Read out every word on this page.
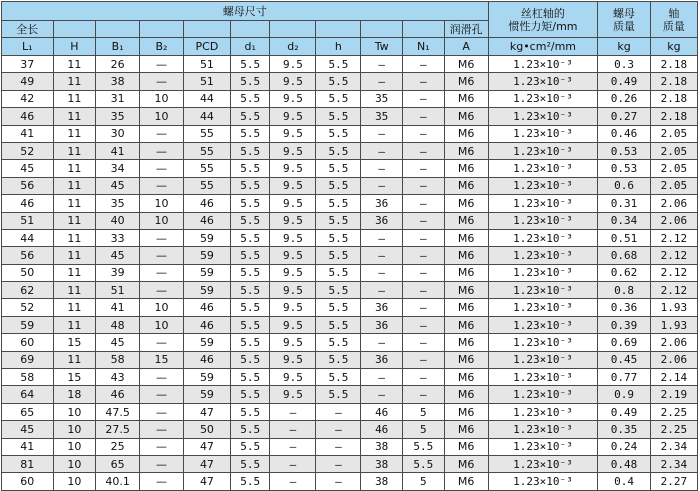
螺母尺寸											丝杠轴的
惯性力矩/mm	螺母
质量	轴
质量
全长										润滑孔			
L₁	H	B₁	B₂	PCD	d₁	d₂	h	Tw	N₁	A	kg•cm²/mm	kg	kg
37	11	26	—	51	5.5	9.5	5.5	—	—	M6	1.23×10⁻³	0.3	2.18
49	11	38	—	51	5.5	9.5	5.5	—	—	M6	1.23×10⁻³	0.49	2.18
42	11	31	10	44	5.5	9.5	5.5	35	—	M6	1.23×10⁻³	0.26	2.18
46	11	35	10	44	5.5	9.5	5.5	35	—	M6	1.23×10⁻³	0.27	2.18
41	11	30	—	55	5.5	9.5	5.5	—	—	M6	1.23×10⁻³	0.46	2.05
52	11	41	—	55	5.5	9.5	5.5	—	—	M6	1.23×10⁻³	0.53	2.05
45	11	34	—	55	5.5	9.5	5.5	—	—	M6	1.23×10⁻³	0.53	2.05
56	11	45	—	55	5.5	9.5	5.5	—	—	M6	1.23×10⁻³	0.6	2.05
46	11	35	10	46	5.5	9.5	5.5	36	—	M6	1.23×10⁻³	0.31	2.06
51	11	40	10	46	5.5	9.5	5.5	36	—	M6	1.23×10⁻³	0.34	2.06
44	11	33	—	59	5.5	9.5	5.5	—	—	M6	1.23×10⁻³	0.51	2.12
56	11	45	—	59	5.5	9.5	5.5	—	—	M6	1.23×10⁻³	0.68	2.12
50	11	39	—	59	5.5	9.5	5.5	—	—	M6	1.23×10⁻³	0.62	2.12
62	11	51	—	59	5.5	9.5	5.5	—	—	M6	1.23×10⁻³	0.8	2.12
52	11	41	10	46	5.5	9.5	5.5	36	—	M6	1.23×10⁻³	0.36	1.93
59	11	48	10	46	5.5	9.5	5.5	36	—	M6	1.23×10⁻³	0.39	1.93
60	15	45	—	59	5.5	9.5	5.5	—	—	M6	1.23×10⁻³	0.69	2.06
69	11	58	15	46	5.5	9.5	5.5	36	—	M6	1.23×10⁻³	0.45	2.06
58	15	43	—	59	5.5	9.5	5.5	—	—	M6	1.23×10⁻³	0.77	2.14
64	18	46	—	59	5.5	9.5	5.5	—	—	M6	1.23×10⁻³	0.9	2.19
65	10	47.5	—	47	5.5	—	—	46	5	M6	1.23×10⁻³	0.49	2.25
45	10	27.5	—	50	5.5	—	—	46	5	M6	1.23×10⁻³	0.35	2.25
41	10	25	—	47	5.5	—	—	38	5.5	M6	1.23×10⁻³	0.24	2.34
81	10	65	—	47	5.5	—	—	38	5.5	M6	1.23×10⁻³	0.48	2.34
60	10	40.1	—	47	5.5	—	—	38	5	M6	1.23×10⁻³	0.4	2.27
